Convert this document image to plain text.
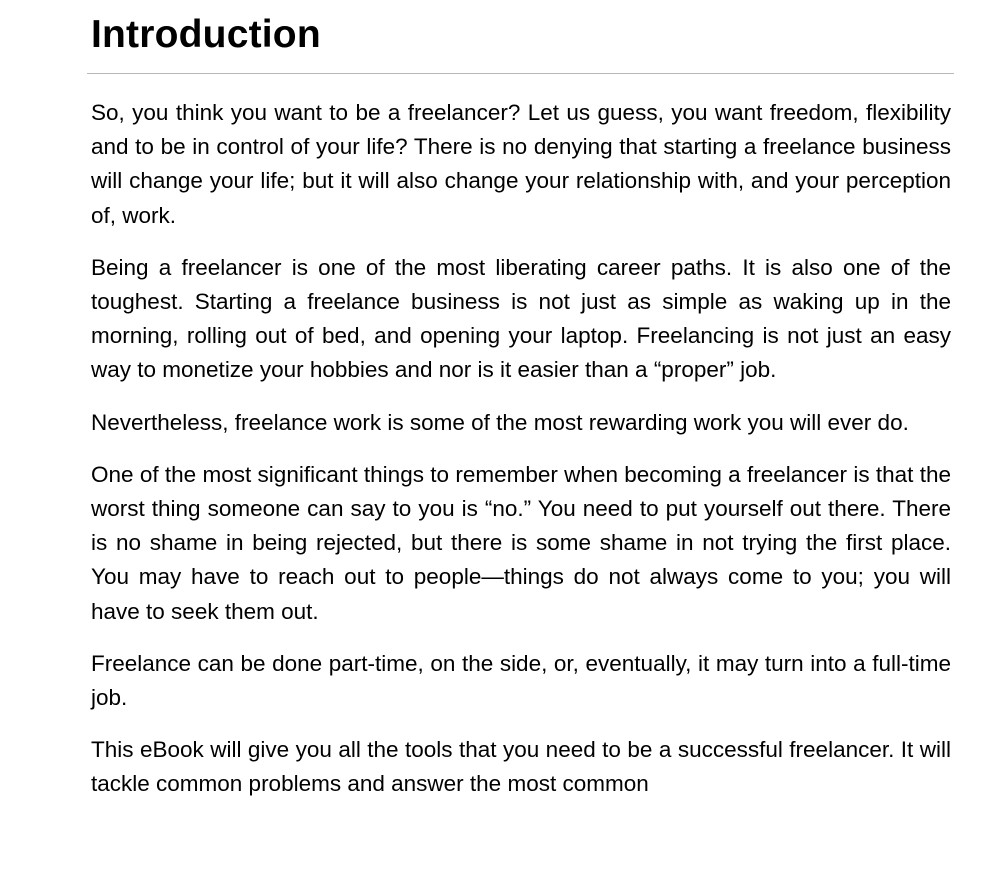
Introduction

So, you think you want to be a freelancer? Let us guess, you want freedom, flexibility and to be in control of your life? There is no denying that starting a freelance business will change your life; but it will also change your relationship with, and your perception of, work.

Being a freelancer is one of the most liberating career paths. It is also one of the toughest. Starting a freelance business is not just as simple as waking up in the morning, rolling out of bed, and opening your laptop. Freelancing is not just an easy way to monetize your hobbies and nor is it easier than a “proper” job.

Nevertheless, freelance work is some of the most rewarding work you will ever do.

One of the most significant things to remember when becoming a freelancer is that the worst thing someone can say to you is “no.” You need to put yourself out there. There is no shame in being rejected, but there is some shame in not trying the first place. You may have to reach out to people—things do not always come to you; you will have to seek them out.

Freelance can be done part-time, on the side, or, eventually, it may turn into a full-time job.

This eBook will give you all the tools that you need to be a successful freelancer. It will tackle common problems and answer the most common
